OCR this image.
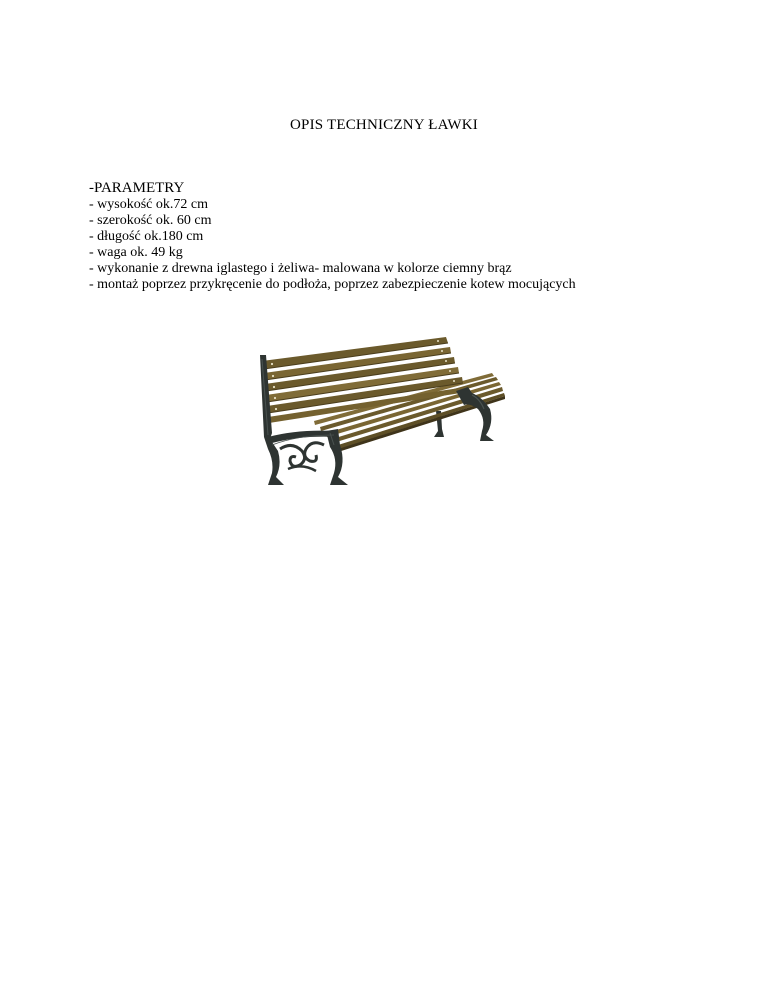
OPIS TECHNICZNY ŁAWKI
-PARAMETRY
- wysokość ok.72 cm
- szerokość ok. 60 cm
- długość ok.180 cm
- waga ok. 49 kg
- wykonanie z drewna iglastego i żeliwa- malowana w kolorze ciemny brąz
- montaż poprzez przykręcenie do podłoża, poprzez zabezpieczenie kotew mocujących
